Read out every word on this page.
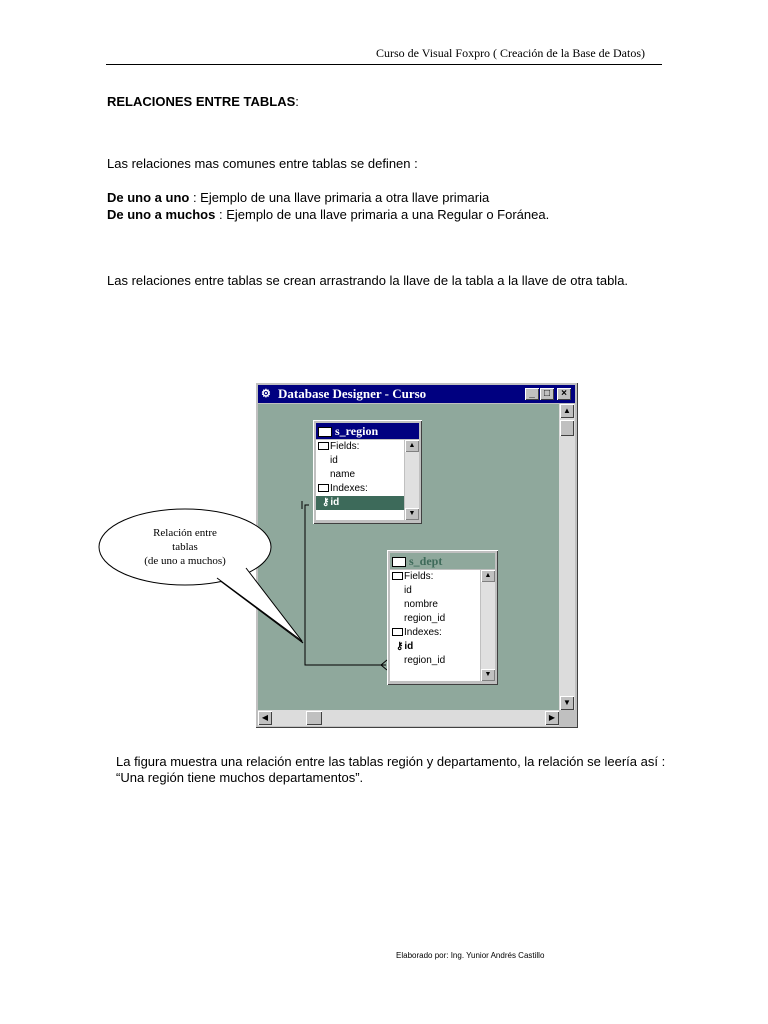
Curso de Visual Foxpro ( Creación de la Base de Datos)
RELACIONES ENTRE TABLAS:
Las relaciones mas comunes entre tablas se definen :
De uno a uno : Ejemplo de una llave primaria a otra llave primaria
De uno a muchos : Ejemplo de una llave primaria a una Regular o Foránea.
Las relaciones entre tablas se crean arrastrando la llave de la tabla a la llave de otra tabla.
⚙ Database Designer - Curso	_ □	×
s_region
Fields:
id
name
Indexes:
⚷id
▲
▼
s_dept
Fields:
id
nombre
region_id
Indexes:
⚷id
region_id
▲
▼
▲
▼
◀	▶
Relación entre
tablas
(de uno a muchos)
La figura muestra una relación entre las tablas región y departamento, la relación se leería así : “Una región tiene muchos departamentos”.
Elaborado por: Ing. Yunior Andrés Castillo
